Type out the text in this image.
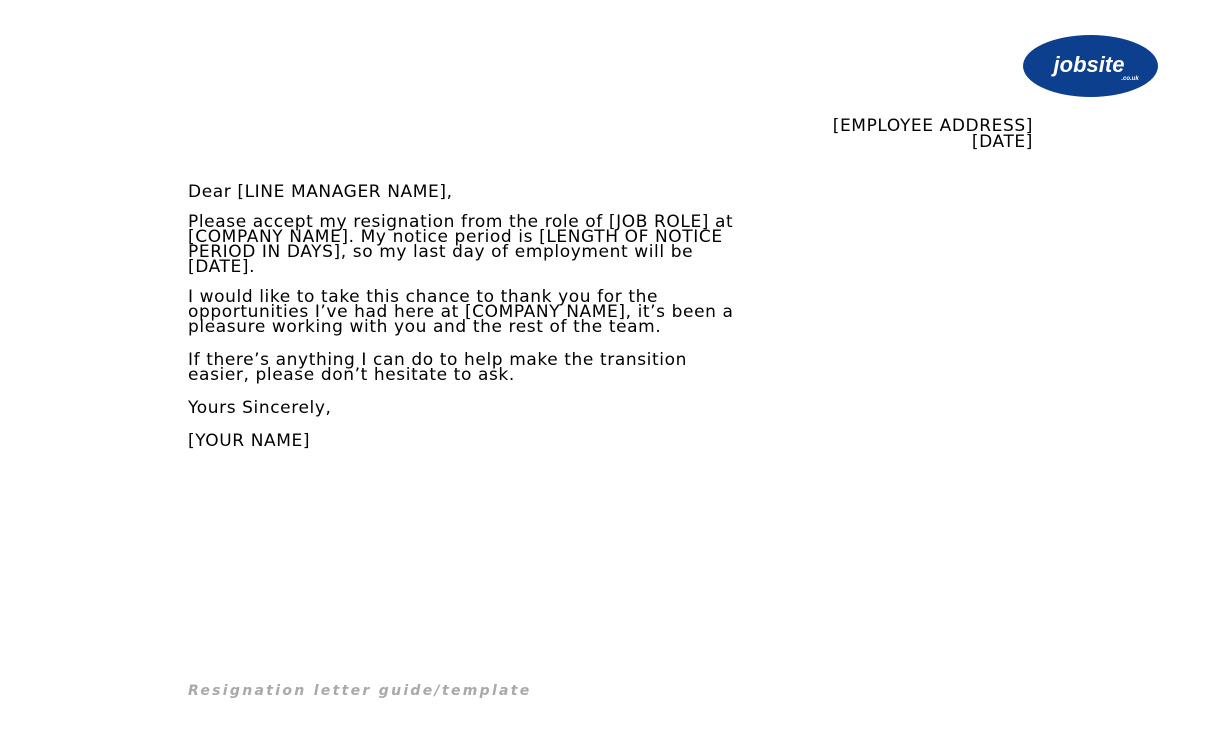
jobsite
.co.uk
[EMPLOYEE ADDRESS]
[DATE]

Dear [LINE MANAGER NAME],

Please accept my resignation from the role of [JOB ROLE] at
[COMPANY NAME]. My notice period is [LENGTH OF NOTICE
PERIOD IN DAYS], so my last day of employment will be
[DATE].

I would like to take this chance to thank you for the
opportunities I’ve had here at [COMPANY NAME], it’s been a
pleasure working with you and the rest of the team.

If there’s anything I can do to help make the transition
easier, please don’t hesitate to ask.

Yours Sincerely,

[YOUR NAME]

Resignation letter guide/template
